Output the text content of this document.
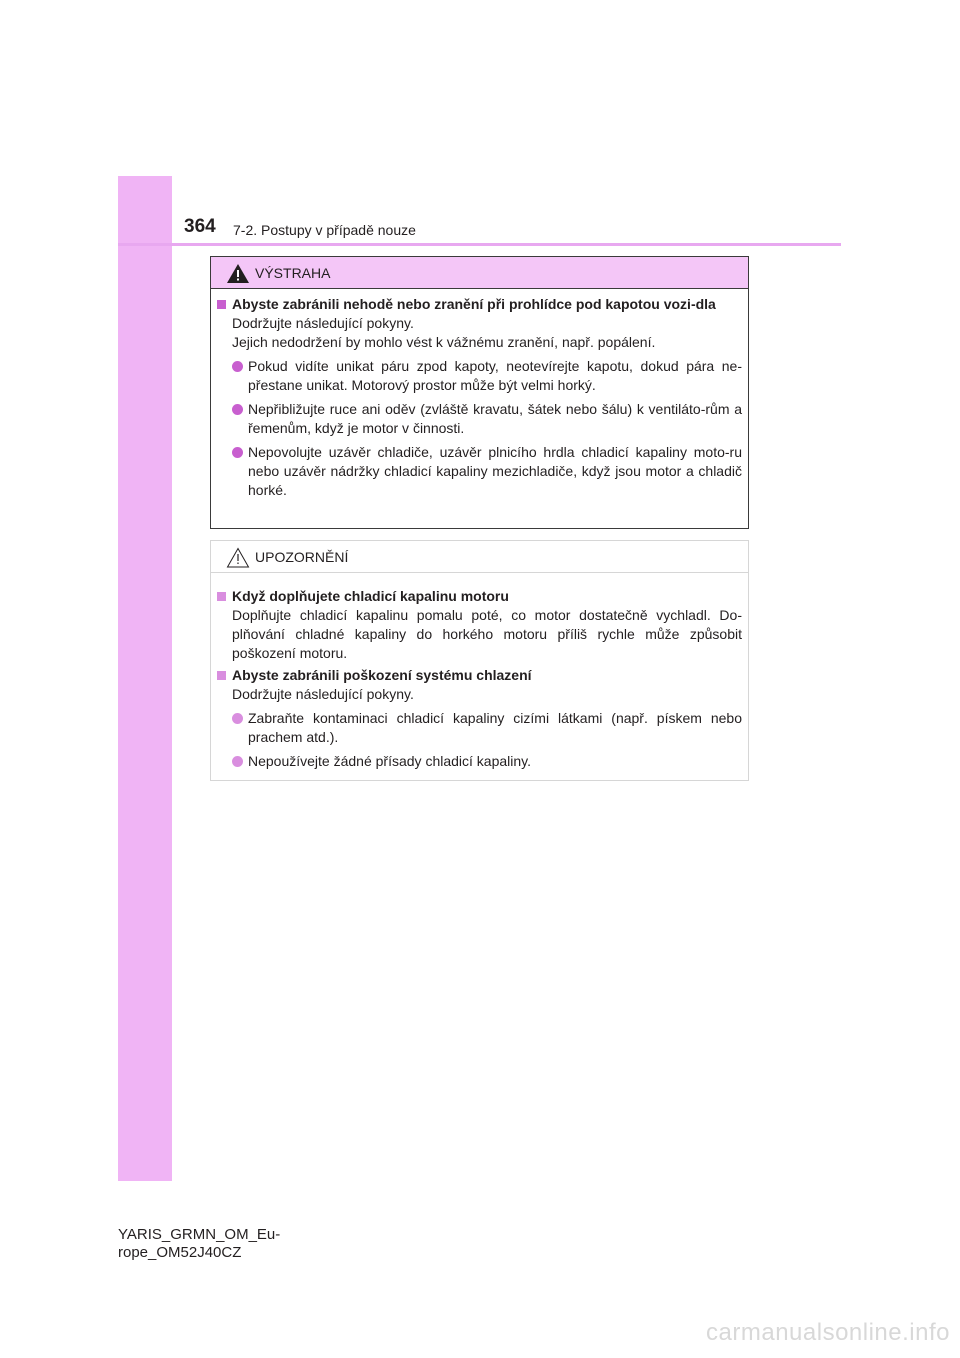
364 7-2. Postupy v případě nouze
VÝSTRAHA
Abyste zabránili nehodě nebo zranění při prohlídce pod kapotou vozi-dla
Dodržujte následující pokyny.
Jejich nedodržení by mohlo vést k vážnému zranění, např. popálení.
Pokud vidíte unikat páru zpod kapoty, neotevírejte kapotu, dokud pára ne-přestane unikat. Motorový prostor může být velmi horký.
Nepřibližujte ruce ani oděv (zvláště kravatu, šátek nebo šálu) k ventiláto-rům a řemenům, když je motor v činnosti.
Nepovolujte uzávěr chladiče, uzávěr plnicího hrdla chladicí kapaliny moto-ru nebo uzávěr nádržky chladicí kapaliny mezichladiče, když jsou motor a chladič horké.
UPOZORNĚNÍ
Když doplňujete chladicí kapalinu motoru
Doplňujte chladicí kapalinu pomalu poté, co motor dostatečně vychladl. Do-plňování chladné kapaliny do horkého motoru příliš rychle může způsobit poškození motoru.
Abyste zabránili poškození systému chlazení
Dodržujte následující pokyny.
Zabraňte kontaminaci chladicí kapaliny cizími látkami (např. pískem nebo prachem atd.).
Nepoužívejte žádné přísady chladicí kapaliny.
YARIS_GRMN_OM_Eu-
rope_OM52J40CZ
carmanualsonline.info
